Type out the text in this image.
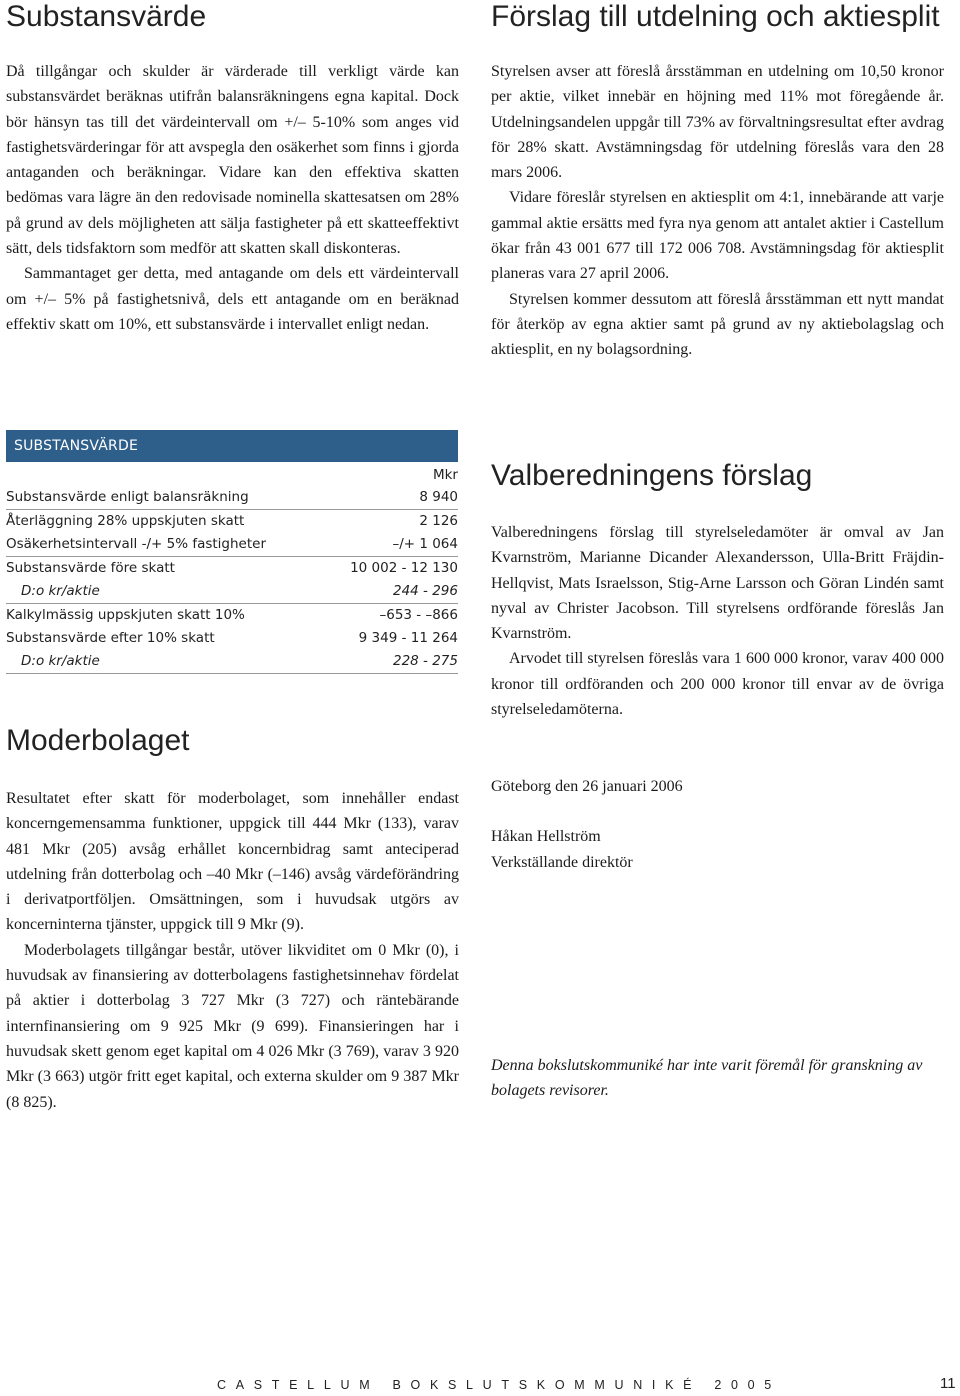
Substansvärde

Då tillgångar och skulder är värderade till verkligt värde kan substansvärdet beräknas utifrån balansräkningens egna kapital. Dock bör hänsyn tas till det värdeintervall om +/– 5-10% som anges vid fastighetsvärderingar för att avspegla den osäkerhet som finns i gjorda antaganden och beräkningar. Vidare kan den effektiva skatten bedömas vara lägre än den redovisade nominella skattesatsen om 28% på grund av dels möjligheten att sälja fastigheter på ett skatteeffektivt sätt, dels tidsfaktorn som medför att skatten skall diskonteras.

Sammantaget ger detta, med antagande om dels ett värdeintervall om +/– 5% på fastighetsnivå, dels ett antagande om en beräknad effektiv skatt om 10%, ett substansvärde i intervallet enligt nedan.

SUBSTANSVÄRDE
Mkr
Substansvärde enligt balansräkning	8 940
Återläggning 28% uppskjuten skatt	2 126
Osäkerhetsintervall -/+ 5% fastigheter	–/+ 1 064
Substansvärde före skatt	10 002 - 12 130
D:o kr/aktie	244 - 296
Kalkylmässig uppskjuten skatt 10%	–653 - –866
Substansvärde efter 10% skatt	9 349 - 11 264
D:o kr/aktie	228 - 275
Moderbolaget

Resultatet efter skatt för moderbolaget, som innehåller endast koncerngemensamma funktioner, uppgick till 444 Mkr (133), varav 481 Mkr (205) avsåg erhållet koncernbidrag samt anteciperad utdelning från dotterbolag och –40 Mkr (–146) avsåg värdeförändring i derivatportföljen. Omsättningen, som i huvudsak utgörs av koncerninterna tjänster, uppgick till 9 Mkr (9).

Moderbolagets tillgångar består, utöver likviditet om 0 Mkr (0), i huvudsak av finansiering av dotterbolagens fastighetsinnehav fördelat på aktier i dotterbolag 3 727 Mkr (3 727) och räntebärande internfinansiering om 9 925 Mkr (9 699). Finansieringen har i huvudsak skett genom eget kapital om 4 026 Mkr (3 769), varav 3 920 Mkr (3 663) utgör fritt eget kapital, och externa skulder om 9 387 Mkr (8 825).

Förslag till utdelning och aktiesplit

Styrelsen avser att föreslå årsstämman en utdelning om 10,50 kronor per aktie, vilket innebär en höjning med 11% mot föregående år. Utdelningsandelen uppgår till 73% av förvaltningsresultat efter avdrag för 28% skatt. Avstämningsdag för utdelning föreslås vara den 28 mars 2006.

Vidare föreslår styrelsen en aktiesplit om 4:1, innebärande att varje gammal aktie ersätts med fyra nya genom att antalet aktier i Castellum ökar från 43 001 677 till 172 006 708. Avstämningsdag för aktiesplit planeras vara 27 april 2006.

Styrelsen kommer dessutom att föreslå årsstämman ett nytt mandat för återköp av egna aktier samt på grund av ny aktiebolagslag och aktiesplit, en ny bolagsordning.

Valberedningens förslag

Valberedningens förslag till styrelseledamöter är omval av Jan Kvarnström, Marianne Dicander Alexandersson, Ulla-Britt Fräjdin-Hellqvist, Mats Israelsson, Stig-Arne Larsson och Göran Lindén samt nyval av Christer Jacobson. Till styrelsens ordförande föreslås Jan Kvarnström.

Arvodet till styrelsen föreslås vara 1 600 000 kronor, varav 400 000 kronor till ordföranden och 200 000 kronor till envar av de övriga styrelseledamöterna.

Göteborg den 26 januari 2006

Håkan Hellström

Verkställande direktör

Denna bokslutskommuniké har inte varit föremål för granskning av bolagets revisorer.

CASTELLUM BOKSLUTSKOMMUNIKÉ 2005	11
